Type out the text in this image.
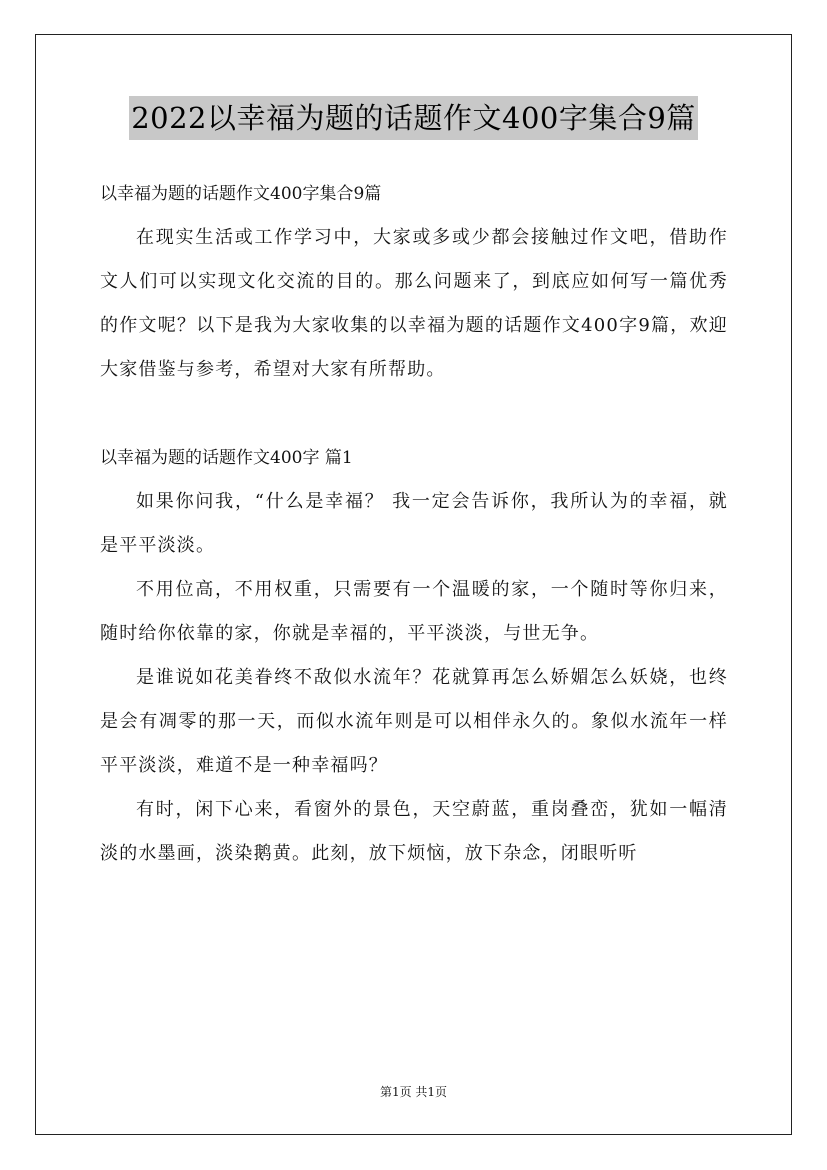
2022以幸福为题的话题作文400字集合9篇

以幸福为题的话题作文400字集合9篇

在现实生活或工作学习中，大家或多或少都会接触过作文吧，借助作文人们可以实现文化交流的目的。那么问题来了，到底应如何写一篇优秀的作文呢？以下是我为大家收集的以幸福为题的话题作文400字9篇，欢迎大家借鉴与参考，希望对大家有所帮助。

以幸福为题的话题作文400字 篇1

如果你问我，“什么是幸福？ 我一定会告诉你，我所认为的幸福，就是平平淡淡。

不用位高，不用权重，只需要有一个温暖的家，一个随时等你归来，随时给你依靠的家，你就是幸福的，平平淡淡，与世无争。

是谁说如花美眷终不敌似水流年？花就算再怎么娇媚怎么妖娆，也终是会有凋零的那一天，而似水流年则是可以相伴永久的。象似水流年一样平平淡淡，难道不是一种幸福吗？

有时，闲下心来，看窗外的景色，天空蔚蓝，重岗叠峦，犹如一幅清淡的水墨画，淡染鹅黄。此刻，放下烦恼，放下杂念，闭眼听听

第1页 共1页
